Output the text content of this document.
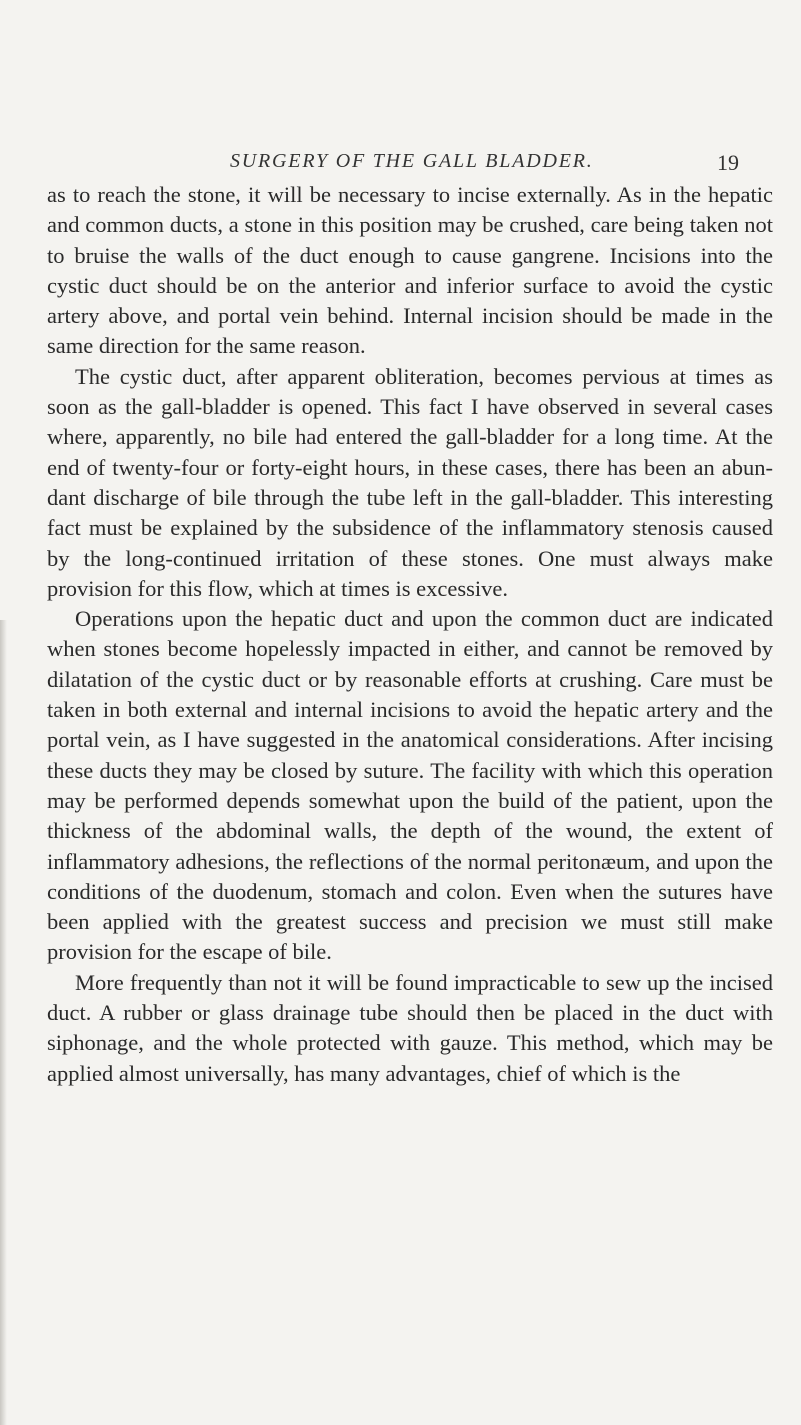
SURGERY OF THE GALL BLADDER.	19

as to reach the stone, it will be necessary to incise externally. As in the hepatic and common ducts, a stone in this position may be crushed, care being taken not to bruise the walls of the duct enough to cause gangrene. Incisions into the cystic duct should be on the anterior and inferior surface to avoid the cystic artery above, and portal vein behind. Internal incision should be made in the same direction for the same reason.

The cystic duct, after apparent obliteration, becomes pervious at times as soon as the gall-bladder is opened. This fact I have observed in several cases where, apparently, no bile had entered the gall-bladder for a long time. At the end of twenty-four or forty-eight hours, in these cases, there has been an abundant discharge of bile through the tube left in the gall-bladder. This interesting fact must be explained by the subsidence of the inflammatory stenosis caused by the long-continued irritation of these stones. One must always make provision for this flow, which at times is excessive.

Operations upon the hepatic duct and upon the common duct are indicated when stones become hopelessly impacted in either, and cannot be removed by dilatation of the cystic duct or by reasonable efforts at crushing. Care must be taken in both external and internal incisions to avoid the hepatic artery and the portal vein, as I have suggested in the anatomical considerations. After incising these ducts they may be closed by suture. The facility with which this operation may be performed depends somewhat upon the build of the patient, upon the thickness of the abdominal walls, the depth of the wound, the extent of inflammatory adhesions, the reflections of the normal peritonæum, and upon the conditions of the duodenum, stomach and colon. Even when the sutures have been applied with the greatest success and precision we must still make provision for the escape of bile.

More frequently than not it will be found impracticable to sew up the incised duct. A rubber or glass drainage tube should then be placed in the duct with siphonage, and the whole protected with gauze. This method, which may be applied almost universally, has many advantages, chief of which is the
